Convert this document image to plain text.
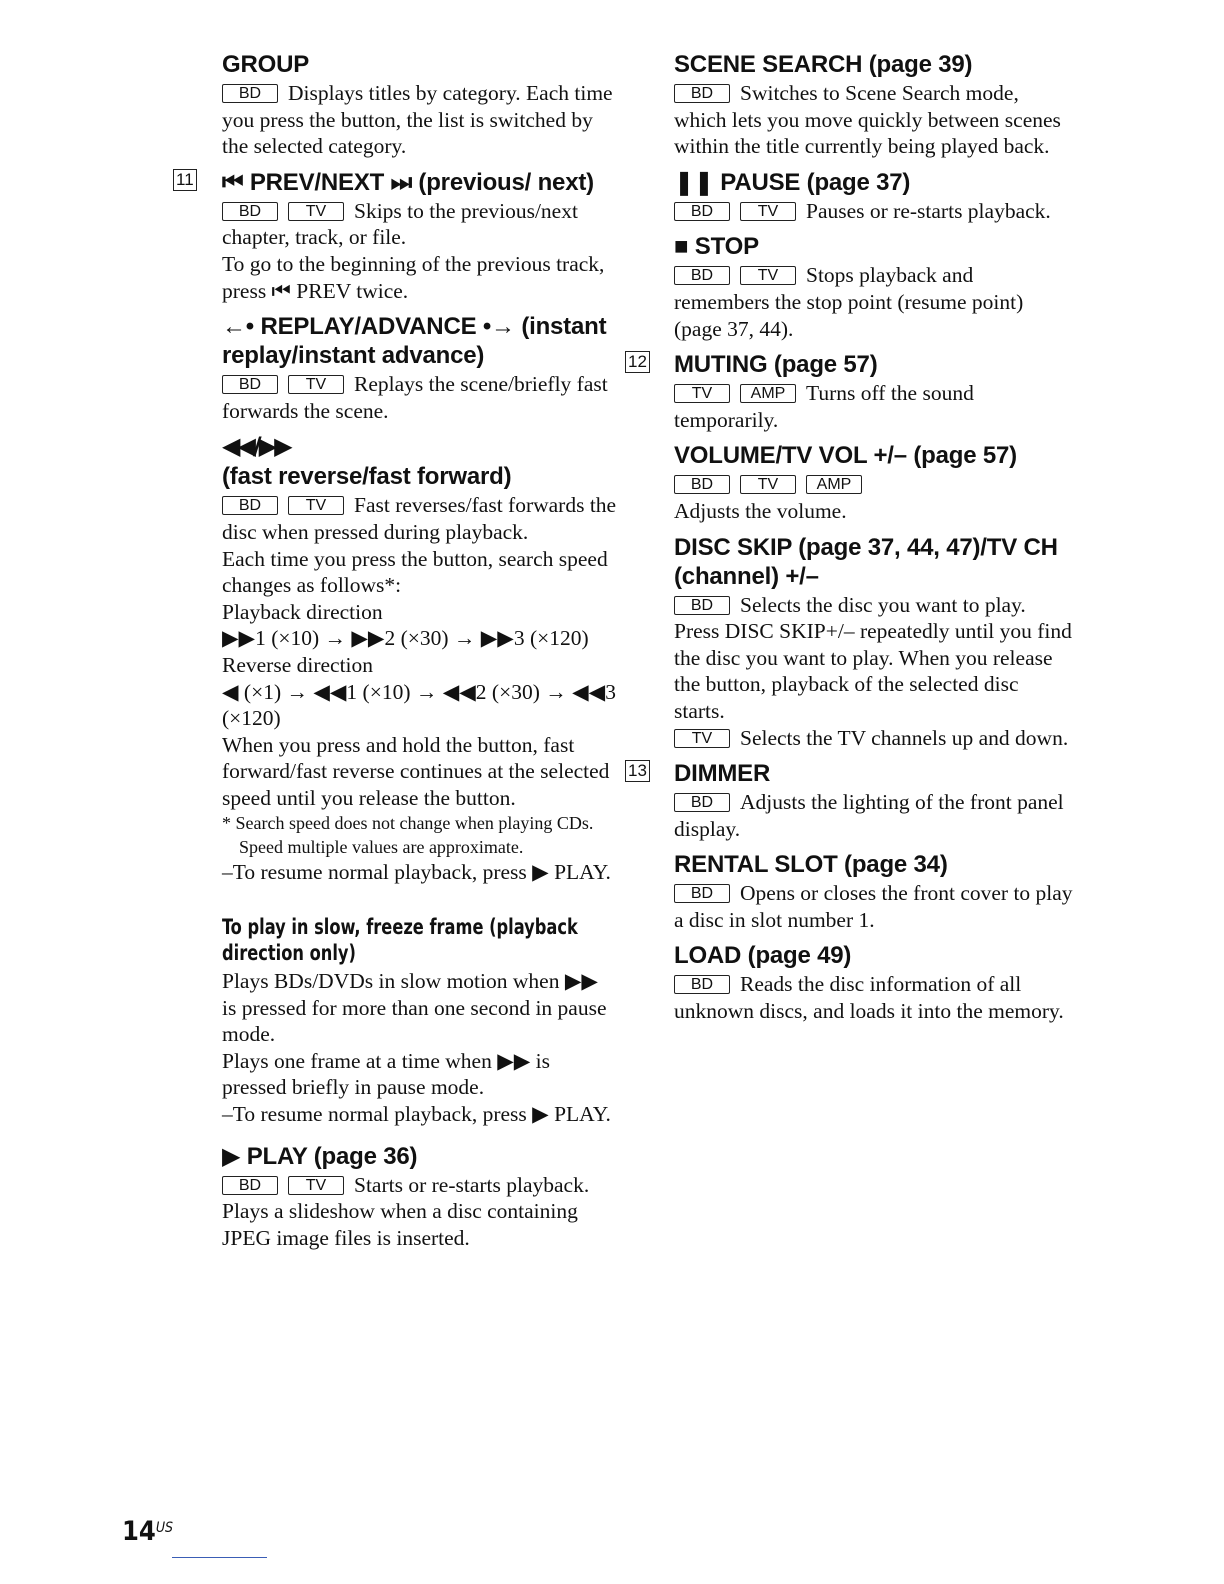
GROUP

BD Displays titles by category. Each time you press the button, the list is switched by the selected category.

11 ⏮ PREV/NEXT ⏭ (previous/ next)

BD	TV Skips to the previous/next chapter, track, or file.

To go to the beginning of the previous track, press ⏮ PREV twice.

←• REPLAY/ADVANCE •→ (instant replay/instant advance)

BD	TV Replays the scene/briefly fast forwards the scene.

◀◀/▶▶
(fast reverse/fast forward)

BD	TV Fast reverses/fast forwards the disc when pressed during playback.

Each time you press the button, search speed changes as follows*:

Playback direction

▶▶1 (×10) → ▶▶2 (×30) → ▶▶3 (×120)

Reverse direction

◀ (×1) → ◀◀1 (×10) → ◀◀2 (×30) → ◀◀3 (×120)

When you press and hold the button, fast forward/fast reverse continues at the selected speed until you release the button.

* Search speed does not change when playing CDs.

Speed multiple values are approximate.

–To resume normal playback, press ▶ PLAY.

To play in slow, freeze frame (playback direction only)

Plays BDs/DVDs in slow motion when ▶▶ is pressed for more than one second in pause mode.

Plays one frame at a time when ▶▶ is pressed briefly in pause mode.

–To resume normal playback, press ▶ PLAY.

▶ PLAY (page 36)

BD	TV Starts or re-starts playback.

Plays a slideshow when a disc containing JPEG image files is inserted.

SCENE SEARCH (page 39)

BD Switches to Scene Search mode, which lets you move quickly between scenes within the title currently being played back.

❚❚ PAUSE (page 37)

BD	TV Pauses or re-starts playback.

■ STOP

BD	TV Stops playback and remembers the stop point (resume point) (page 37, 44).

12 MUTING (page 57)

TV AMP Turns off the sound temporarily.

VOLUME/TV VOL +/– (page 57)

BD	TV AMP

Adjusts the volume.

DISC SKIP (page 37, 44, 47)/TV CH (channel) +/–

BD Selects the disc you want to play. Press DISC SKIP+/– repeatedly until you find the disc you want to play. When you release the button, playback of the selected disc starts.

TV Selects the TV channels up and down.

13 DIMMER

BD Adjusts the lighting of the front panel display.

RENTAL SLOT (page 34)

BD Opens or closes the front cover to play a disc in slot number 1.

LOAD (page 49)

BD Reads the disc information of all unknown discs, and loads it into the memory.

$14_{US}$
